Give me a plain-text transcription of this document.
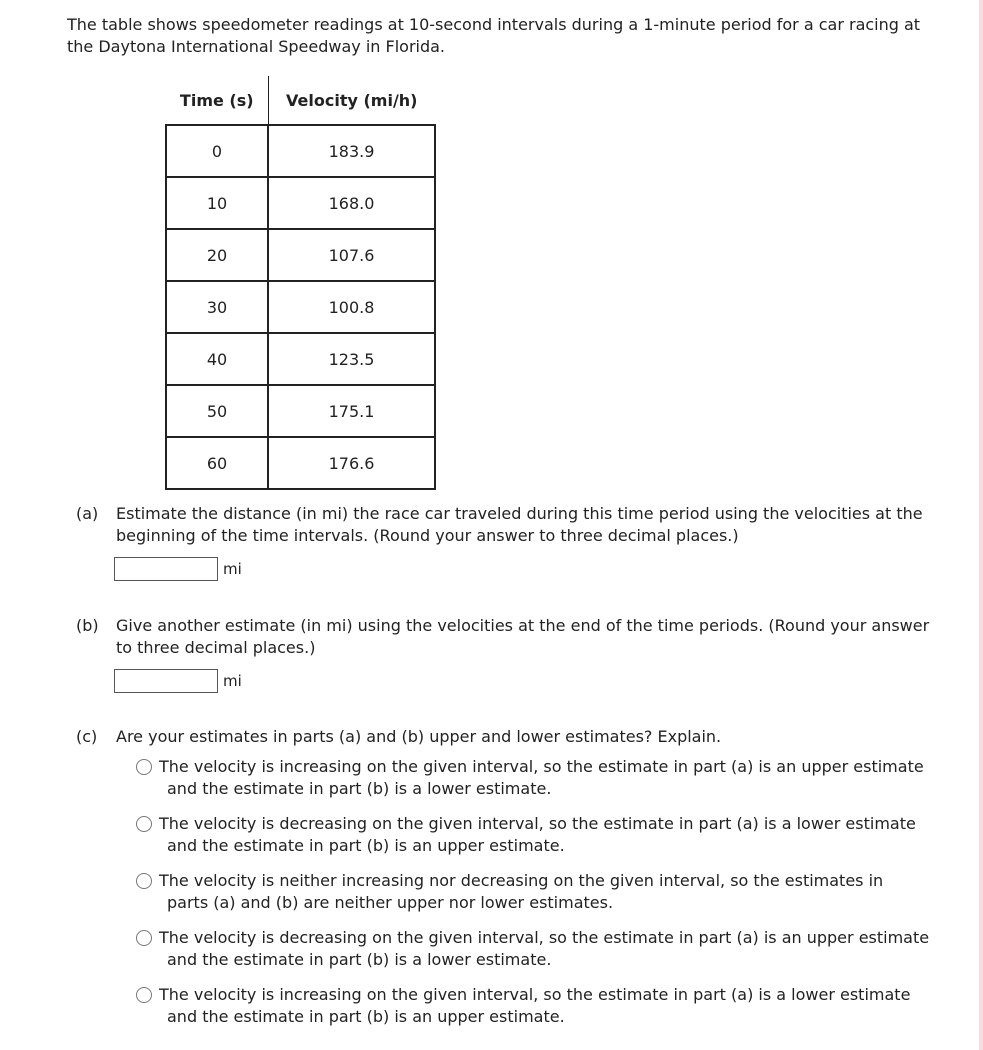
The table shows speedometer readings at 10-second intervals during a 1-minute period for a car racing at the Daytona International Speedway in Florida.

Time (s)	Velocity (mi/h)
0	183.9
10	168.0
20	107.6
30	100.8
40	123.5
50	175.1
60	176.6
(a) Estimate the distance (in mi) the race car traveled during this time period using the velocities at the beginning of the time intervals. (Round your answer to three decimal places.)
mi
(b) Give another estimate (in mi) using the velocities at the end of the time periods. (Round your answer to three decimal places.)
mi
(c) Are your estimates in parts (a) and (b) upper and lower estimates? Explain.
The velocity is increasing on the given interval, so the estimate in part (a) is an upper estimate
and the estimate in part (b) is a lower estimate.
The velocity is decreasing on the given interval, so the estimate in part (a) is a lower estimate
and the estimate in part (b) is an upper estimate.
The velocity is neither increasing nor decreasing on the given interval, so the estimates in
parts (a) and (b) are neither upper nor lower estimates.
The velocity is decreasing on the given interval, so the estimate in part (a) is an upper estimate
and the estimate in part (b) is a lower estimate.
The velocity is increasing on the given interval, so the estimate in part (a) is a lower estimate
and the estimate in part (b) is an upper estimate.
